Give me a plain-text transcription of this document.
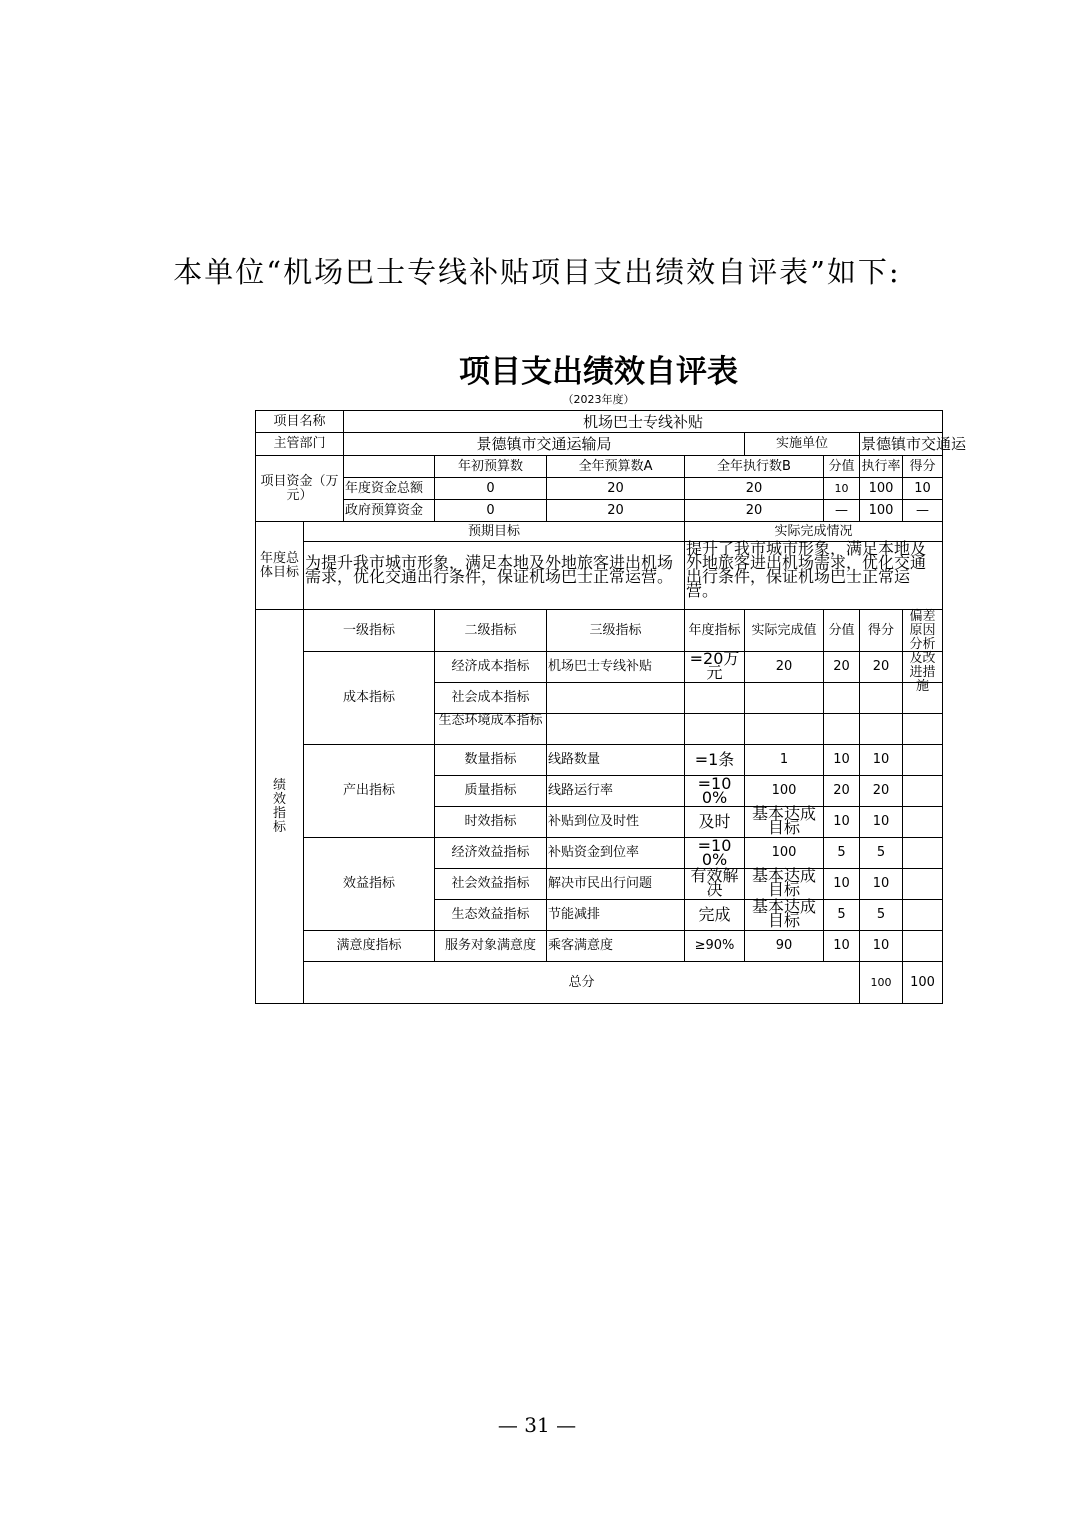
本单位“机场巴士专线补贴项目支出绩效自评表”如下:
项目支出绩效自评表
（2023年度）
项目名称		机场巴士专线补贴								
主管部门		景德镇市交通运输局				实施单位		景德镇市交通运		
项目资金（万元）			年初预算数	全年预算数A	全年执行数B		分值	执行率	得分	
		年度资金总额	0	20	20		10	100	10	
		政府预算资金	0	20	20		—	100	—	
年度总体目标	预期目标				实际完成情况					

	为提升我市城市形象，满足本地及外地旅客进出机场需求，优化交通出行条件，保证机场巴士正常运营。				提升了我市城市形象，满足本地及外地旅客进出机场需求，优化交通出行条件，保证机场巴士正常运营。					

绩效指标	一级指标		二级指标	三级指标	年度指标	实际完成值	分值	得分	偏差原因分析及改进措施	

	成本指标		经济成本指标	机场巴士专线补贴	=20万元	20	20	20		
			社会成本指标							

			生态环境成本指标							

	产出指标		数量指标	线路数量	=1条	1	10	10		
			质量指标	线路运行率	=100%	100	20	20		
			时效指标	补贴到位及时性	及时	基本达成目标	10	10		
	效益指标		经济效益指标	补贴资金到位率	=100%	100	5	5		
			社会效益指标	解决市民出行问题	有效解决	基本达成目标	10	10		
			生态效益指标	节能减排	完成	基本达成目标	5	5		
	满意度指标		服务对象满意度	乘客满意度	≥90%	90	10	10		
	总分							100	100	
— 31 —
